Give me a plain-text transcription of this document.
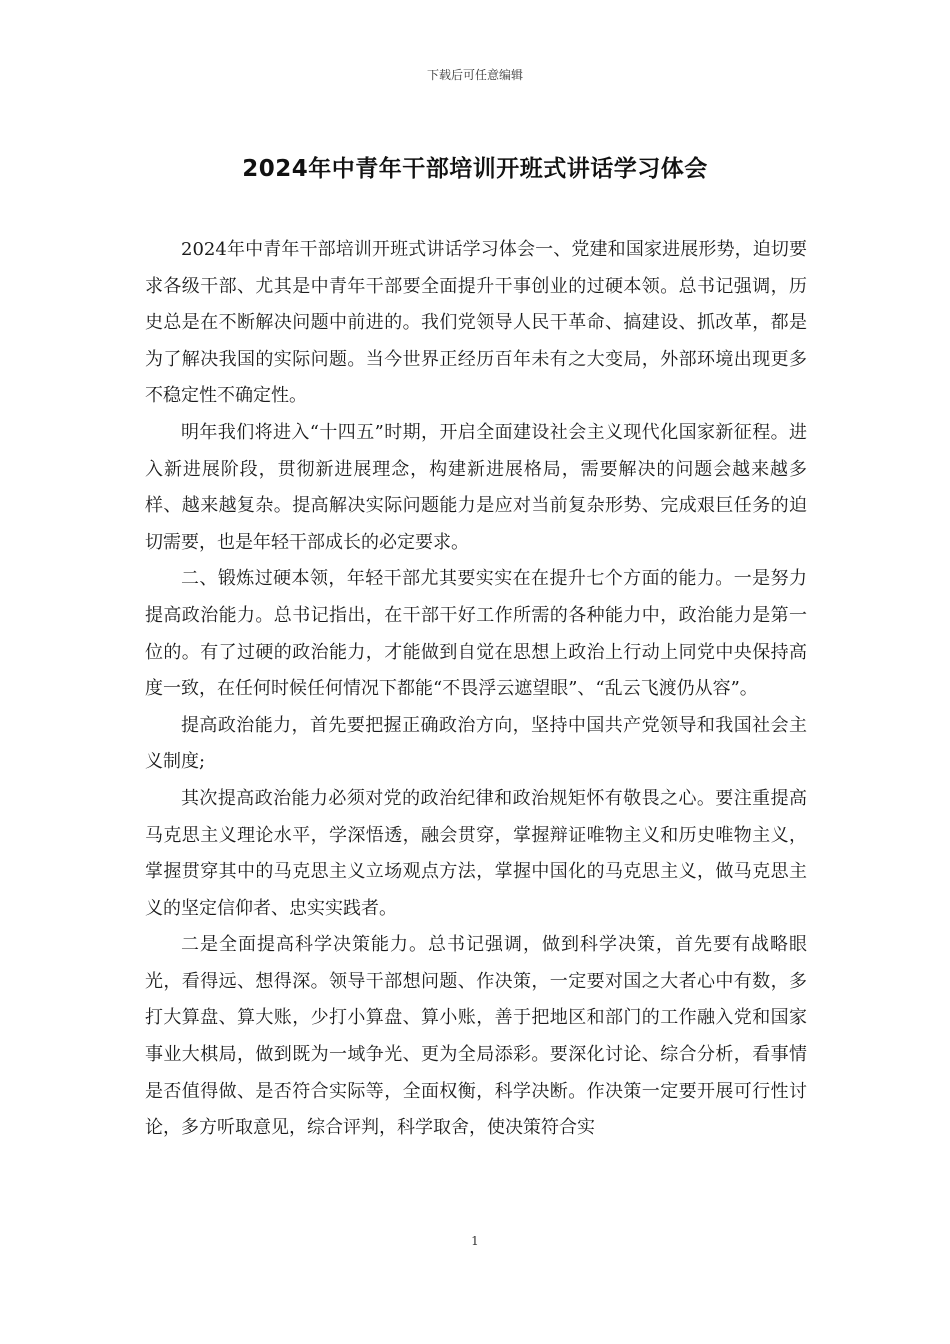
下载后可任意编辑
2024年中青年干部培训开班式讲话学习体会

2024年中青年干部培训开班式讲话学习体会一、党建和国家进展形势，迫切要求各级干部、尤其是中青年干部要全面提升干事创业的过硬本领。总书记强调，历史总是在不断解决问题中前进的。我们党领导人民干革命、搞建设、抓改革，都是为了解决我国的实际问题。当今世界正经历百年未有之大变局，外部环境出现更多不稳定性不确定性。

明年我们将进入“十四五”时期，开启全面建设社会主义现代化国家新征程。进入新进展阶段，贯彻新进展理念，构建新进展格局，需要解决的问题会越来越多样、越来越复杂。提高解决实际问题能力是应对当前复杂形势、完成艰巨任务的迫切需要，也是年轻干部成长的必定要求。

二、锻炼过硬本领，年轻干部尤其要实实在在提升七个方面的能力。一是努力提高政治能力。总书记指出，在干部干好工作所需的各种能力中，政治能力是第一位的。有了过硬的政治能力，才能做到自觉在思想上政治上行动上同党中央保持高度一致，在任何时候任何情况下都能“不畏浮云遮望眼”、“乱云飞渡仍从容”。

提高政治能力，首先要把握正确政治方向，坚持中国共产党领导和我国社会主义制度;

其次提高政治能力必须对党的政治纪律和政治规矩怀有敬畏之心。要注重提高马克思主义理论水平，学深悟透，融会贯穿，掌握辩证唯物主义和历史唯物主义，掌握贯穿其中的马克思主义立场观点方法，掌握中国化的马克思主义，做马克思主义的坚定信仰者、忠实实践者。

二是全面提高科学决策能力。总书记强调，做到科学决策，首先要有战略眼光，看得远、想得深。领导干部想问题、作决策，一定要对国之大者心中有数，多打大算盘、算大账，少打小算盘、算小账，善于把地区和部门的工作融入党和国家事业大棋局，做到既为一域争光、更为全局添彩。要深化讨论、综合分析，看事情是否值得做、是否符合实际等，全面权衡，科学决断。作决策一定要开展可行性讨论，多方听取意见，综合评判，科学取舍，使决策符合实

1
